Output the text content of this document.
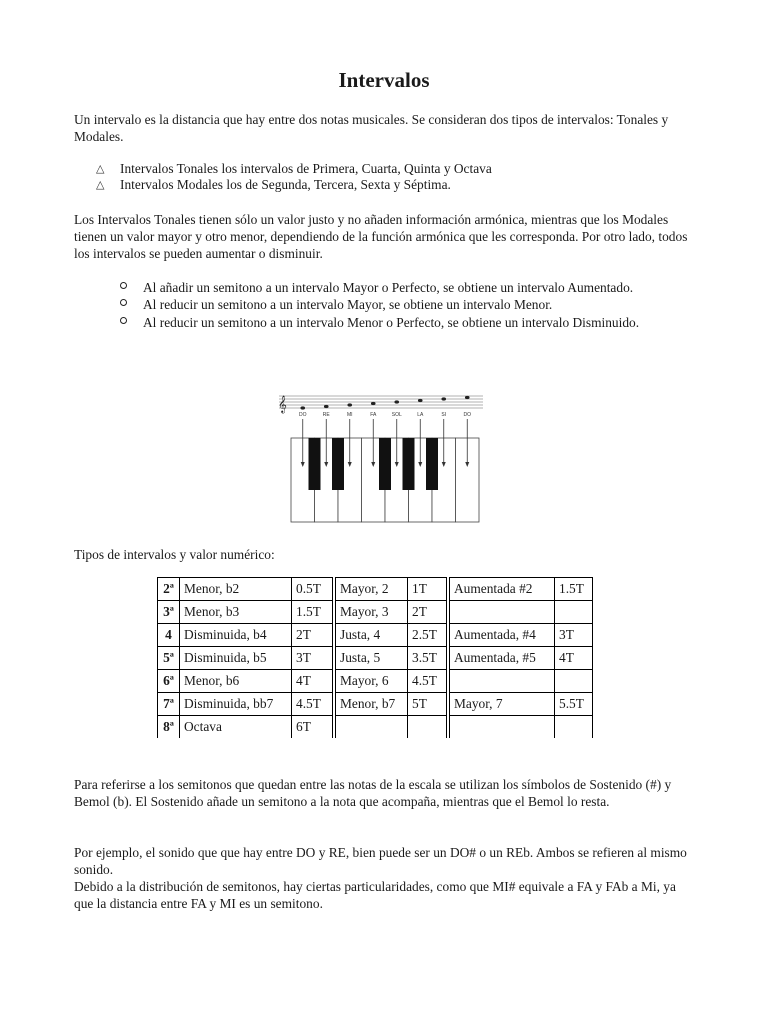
Intervalos

Un intervalo es la distancia que hay entre dos notas musicales. Se consideran dos tipos de intervalos: Tonales y Modales.

△ Intervalos Tonales los intervalos de Primera, Cuarta, Quinta y Octava
△ Intervalos Modales los de Segunda, Tercera, Sexta y Séptima.

Los Intervalos Tonales tienen sólo un valor justo y no añaden información armónica, mientras que los Modales tienen un valor mayor y otro menor, dependiendo de la función armónica que les corresponda. Por otro lado, todos los intervalos se pueden aumentar o disminuir.

Al añadir un semitono a un intervalo Mayor o Perfecto, se obtiene un intervalo Aumentado.
Al reducir un semitono a un intervalo Mayor, se obtiene un intervalo Menor.
Al reducir un semitono a un intervalo Menor o Perfecto, se obtiene un intervalo Disminuido.
𝄞
DO	RE	MI	FA	SOL	LA	SI	DO

Tipos de intervalos y valor numérico:

2ª	Menor, b2	0.5T		Mayor, 2	1T		Aumentada #2	1.5T
3ª	Menor, b3	1.5T		Mayor, 3	2T			
4	Disminuida, b4	2T		Justa, 4	2.5T		Aumentada, #4	3T
5ª	Disminuida, b5	3T		Justa, 5	3.5T		Aumentada, #5	4T
6ª	Menor, b6	4T		Mayor, 6	4.5T			
7ª	Disminuida, bb7	4.5T		Menor, b7	5T		Mayor, 7	5.5T
8ª	Octava	6T						

Para referirse a los semitonos que quedan entre las notas de la escala se utilizan los símbolos de Sostenido (#) y Bemol (b). El Sostenido añade un semitono a la nota que acompaña, mientras que el Bemol lo resta.

Por ejemplo, el sonido que que hay entre DO y RE, bien puede ser un DO# o un REb. Ambos se refieren al mismo sonido.

Debido a la distribución de semitonos, hay ciertas particularidades, como que MI# equivale a FA y FAb a Mi, ya que la distancia entre FA y MI es un semitono.
